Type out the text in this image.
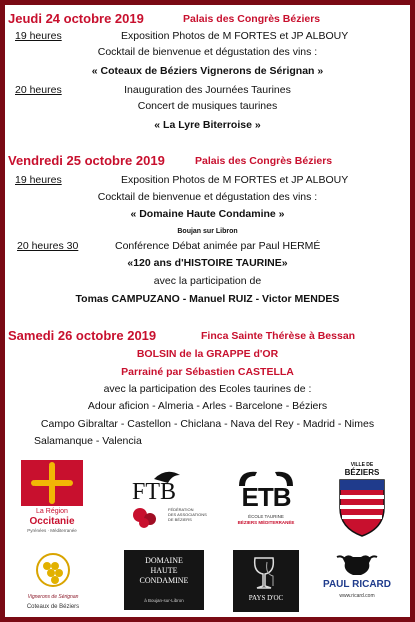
Jeudi 24 octobre 2019	Palais des Congrès Béziers
19 heures	Exposition Photos de M FORTES et JP ALBOUY
Cocktail de bienvenue et dégustation des vins :
« Coteaux de Béziers Vignerons de Sérignan »
20 heures	Inauguration des Journées Taurines
Concert de musiques taurines
« La Lyre Biterroise »
Vendredi 25 octobre 2019	Palais des Congrès Béziers
19 heures	Exposition Photos de M FORTES et JP ALBOUY
Cocktail de bienvenue et dégustation des vins :
« Domaine Haute Condamine »
Boujan sur Libron
20 heures 30	Conférence Débat animée par Paul HERMÉ
«120 ans d'HISTOIRE TAURINE»
avec la participation de
Tomas CAMPUZANO - Manuel RUIZ - Victor MENDES
Samedi 26 octobre 2019	Finca Sainte Thérèse à Bessan
BOLSIN de la GRAPPE d'OR
Parrainé par Sébastien CASTELLA
avec la participation des Ecoles taurines de :
Adour aficion - Almeria - Arles - Barcelone - Béziers
Campo Gibraltar - Castellon - Chiclana - Nava del Rey - Madrid - Nimes
Salamanque - Valencia
La Région
Occitanie
Pyrénées · Méditerranée
FTB
FÉDÉRATION
DES ASSOCIATIONS
DE BÉZIERS
ETB
ÉCOLE TAURINE
BÉZIERS MÉDITERRANÉE
VILLE DE
BÉZIERS
Vignerons de Sérignan
Coteaux de Béziers
DOMAINE
HAUTE
CONDAMINE
à Boujan-sur-Libron	PAYS D'OC
PAUL RICARD
www.ricard.com
